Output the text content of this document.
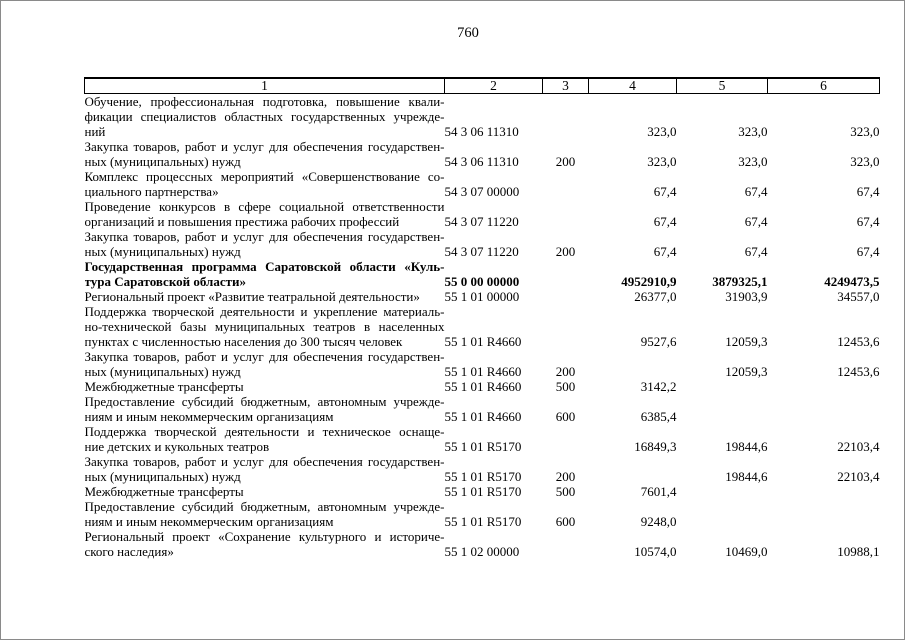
760
1	2	3	4	5	6

Обучение, профессиональная подготовка, повышение квали-
фикации специалистов областных государственных учрежде-
ний	54 3 06 11310		323,0	323,0	323,0

Закупка товаров, работ и услуг для обеспечения государствен-
ных (муниципальных) нужд	54 3 06 11310	200	323,0	323,0	323,0

Комплекс процессных мероприятий «Совершенствование со-
циального партнерства»	54 3 07 00000		67,4	67,4	67,4

Проведение конкурсов в сфере социальной ответственности
организаций и повышения престижа рабочих профессий	54 3 07 11220		67,4	67,4	67,4

Закупка товаров, работ и услуг для обеспечения государствен-
ных (муниципальных) нужд	54 3 07 11220	200	67,4	67,4	67,4

Государственная программа Саратовской области «Куль-
тура Саратовской области»	55 0 00 00000		4952910,9	3879325,1	4249473,5

Региональный проект «Развитие театральной деятельности»	55 1 01 00000		26377,0	31903,9	34557,0

Поддержка творческой деятельности и укрепление материаль-
но-технической базы муниципальных театров в населенных
пунктах с численностью населения до 300 тысяч человек	55 1 01 R4660		9527,6	12059,3	12453,6

Закупка товаров, работ и услуг для обеспечения государствен-
ных (муниципальных) нужд	55 1 01 R4660	200		12059,3	12453,6

Межбюджетные трансферты	55 1 01 R4660	500	3142,2		

Предоставление субсидий бюджетным, автономным учрежде-
ниям и иным некоммерческим организациям	55 1 01 R4660	600	6385,4		

Поддержка творческой деятельности и техническое оснаще-
ние детских и кукольных театров	55 1 01 R5170		16849,3	19844,6	22103,4

Закупка товаров, работ и услуг для обеспечения государствен-
ных (муниципальных) нужд	55 1 01 R5170	200		19844,6	22103,4

Межбюджетные трансферты	55 1 01 R5170	500	7601,4		

Предоставление субсидий бюджетным, автономным учрежде-
ниям и иным некоммерческим организациям	55 1 01 R5170	600	9248,0		

Региональный проект «Сохранение культурного и историче-
ского наследия»	55 1 02 00000		10574,0	10469,0	10988,1
